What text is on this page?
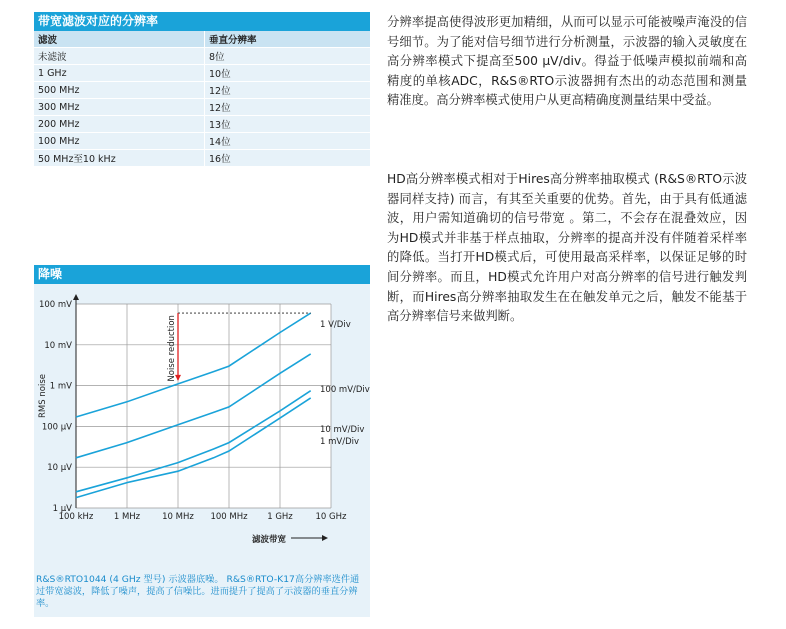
带宽滤波对应的分辨率
滤波	垂直分辨率
未滤波	8位
1 GHz	10位
500 MHz	12位
300 MHz	12位
200 MHz	13位
100 MHz	14位
50 MHz至10 kHz	16位
降噪
100 kHz 1 MHz	10 MHz 100 MHz 1 GHz	10 GHz
1 µV
10 µV
100 µV
1 mV
10 mV
100 mV
RMS noise
滤波带宽
1 V/Div
100 mV/Div
10 mV/Div
1 mV/Div
Noise reduction
R&S®RTO1044 (4 GHz 型号) 示波器底噪。 R&S®RTO-K17高分辨率选件通过带宽滤波，降低了噪声，提高了信噪比。进而提升了提高了示波器的垂直分辨率。
分辨率提高使得波形更加精细，从而可以显示可能被噪声淹没的信号细节。为了能对信号细节进行分析测量，示波器的输入灵敏度在高分辨率模式下提高至500 µV/div。得益于低噪声模拟前端和高精度的单核ADC，R&S®RTO示波器拥有杰出的动态范围和测量精准度。高分辨率模式使用户从更高精确度测量结果中受益。
HD高分辨率模式相对于Hires高分辨率抽取模式 (R&S®RTO示波器同样支持) 而言，有其至关重要的优势。首先，由于具有低通滤波，用户需知道确切的信号带宽 。第二，不会存在混叠效应，因为HD模式并非基于样点抽取，分辨率的提高并没有伴随着采样率的降低。当打开HD模式后，可使用最高采样率，以保证足够的时间分辨率。而且，HD模式允许用户对高分辨率的信号进行触发判断，而Hires高分辨率抽取发生在在触发单元之后，触发不能基于高分辨率信号来做判断。
